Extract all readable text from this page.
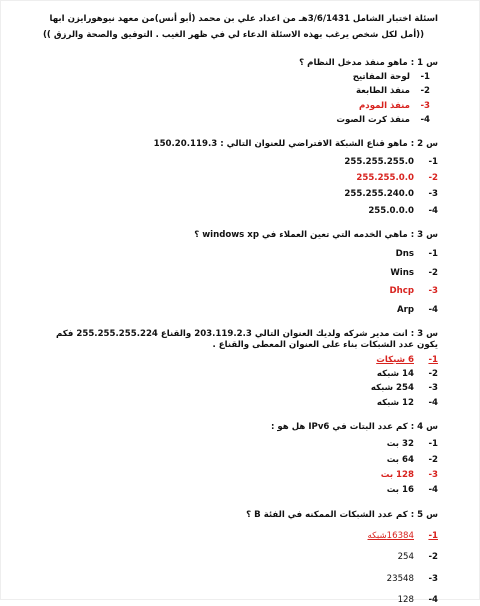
اسئلة اختبار الشامل 3/6/1431هـ من اعداد علي بن محمد (أبو أنس)من معهد نيوهورايزن ابها
((أمل لكل شخص يرغب بهذه الاسئلة الدعاء لي في ظهر الغيب . التوفيق والصحة والرزق ))
س 1 : ماهو منفذ مدخل النظام ؟
1 -
لوحة المفاتيح
2 -
منفذ الطابعة
3 -
منفذ المودم
4 -
منفذ كرت الصوت
س 2 : ماهو قناع الشبكة الافتراضي للعنوان التالي : 150.20.119.3
1 -
255.255.255.0
2 -
255.255.0.0
3 -
255.255.240.0
4 -
255.0.0.0
س 3 : ماهي الخدمه التي تعين العملاء في windows xp ؟
1 -
Dns
2 -
Wins
3 -
Dhcp
4 -
Arp
س 3 : انت مدير شركه ولديك العنوان التالي 203.119.2.3 والقناع 255.255.255.224 فكم يكون عدد الشبكات بناء على العنوان المعطى والقناع .
1 -
6 شبكات
2 -
14 شبكه
3 -
254 شبكه
4 -
12 شبكه
س 4 : كم عدد البتات في IPv6 هل هو :
1 -
32 بت
2 -
64 بت
3 -
128 بت
4 -
16 بت
س 5 : كم عدد الشبكات الممكنه في الفئة B ؟
1 -
16384شبكه
2 -
254
3 -
23548
4 -
128
